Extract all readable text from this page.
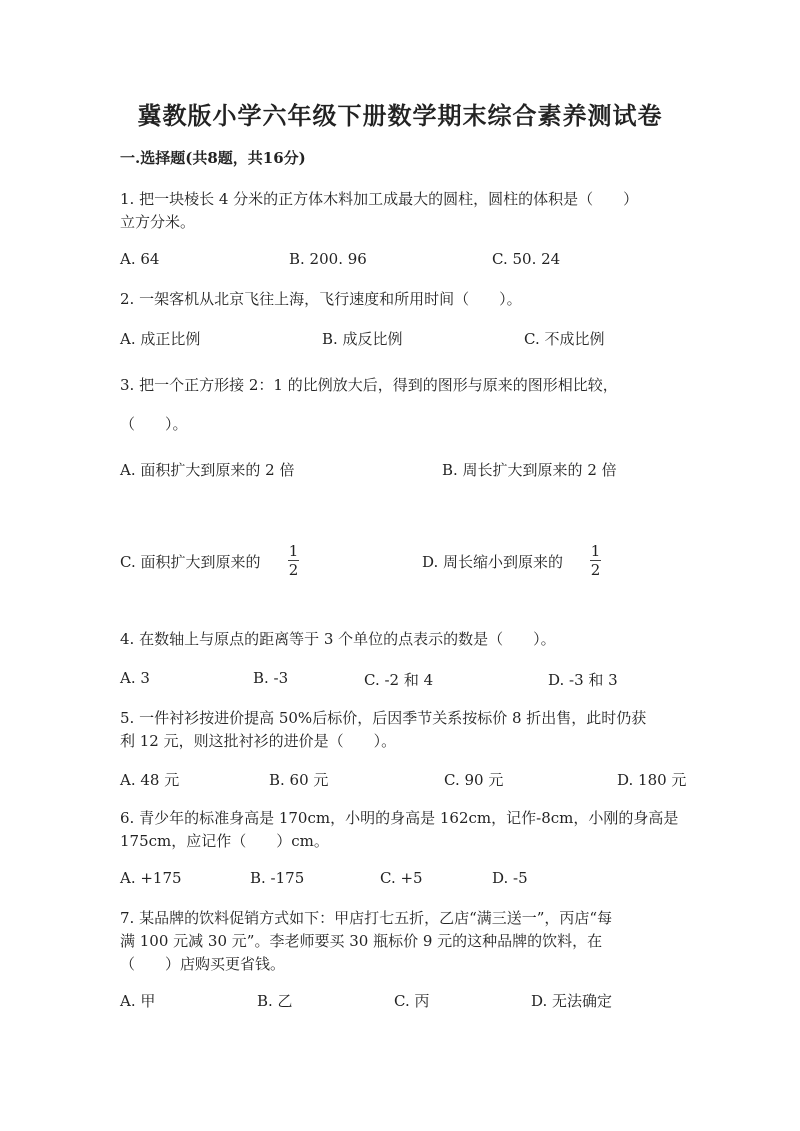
冀教版小学六年级下册数学期末综合素养测试卷
一.选择题(共8题，共16分)
1. 把一块棱长 4 分米的正方体木料加工成最大的圆柱，圆柱的体积是（　　）
立方分米。
A. 64	B. 200. 96	C. 50. 24
2. 一架客机从北京飞往上海，飞行速度和所用时间（　　）。
A. 成正比例	B. 成反比例	C. 不成比例
3. 把一个正方形接 2：1 的比例放大后，得到的图形与原来的图形相比较，
（　　）。
A. 面积扩大到原来的 2 倍	B. 周长扩大到原来的 2 倍
C. 面积扩大到原来的
1
2	D. 周长缩小到原来的
1
2
4. 在数轴上与原点的距离等于 3 个单位的点表示的数是（　　）。
A. 3	B. -3	C. -2 和 4	D. -3 和 3
5. 一件衬衫按进价提高 50%后标价，后因季节关系按标价 8 折出售，此时仍获
利 12 元，则这批衬衫的进价是（　　）。
A. 48 元	B. 60 元	C. 90 元	D. 180 元
6. 青少年的标准身高是 170cm，小明的身高是 162cm，记作-8cm，小刚的身高是
175cm，应记作（　　）cm。
A. +175	B. -175	C. +5	D. -5
7. 某品牌的饮料促销方式如下：甲店打七五折，乙店“满三送一”，丙店“每
满 100 元减 30 元”。李老师要买 30 瓶标价 9 元的这种品牌的饮料，在
（　　）店购买更省钱。
A. 甲	B. 乙	C. 丙	D. 无法确定
